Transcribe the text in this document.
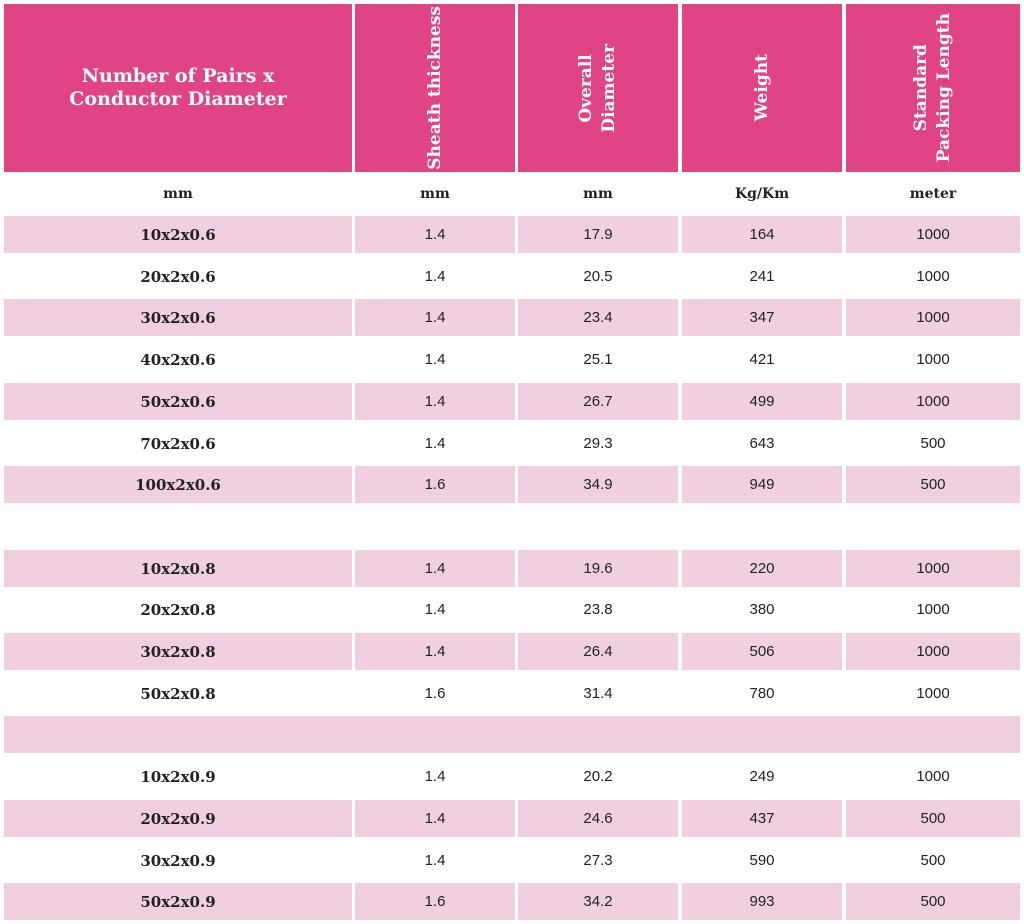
Number of Pairs x Conductor Diameter	Sheath thickness	Overall Diameter	Weight	Standard Packing Length
mm	mm	mm	Kg/Km	meter
10x2x0.6	1.4	17.9	164	1000
20x2x0.6	1.4	20.5	241	1000
30x2x0.6	1.4	23.4	347	1000
40x2x0.6	1.4	25.1	421	1000
50x2x0.6	1.4	26.7	499	1000
70x2x0.6	1.4	29.3	643	500
100x2x0.6	1.6	34.9	949	500
10x2x0.8	1.4	19.6	220	1000
20x2x0.8	1.4	23.8	380	1000
30x2x0.8	1.4	26.4	506	1000
50x2x0.8	1.6	31.4	780	1000
10x2x0.9	1.4	20.2	249	1000
20x2x0.9	1.4	24.6	437	500
30x2x0.9	1.4	27.3	590	500
50x2x0.9	1.6	34.2	993	500
